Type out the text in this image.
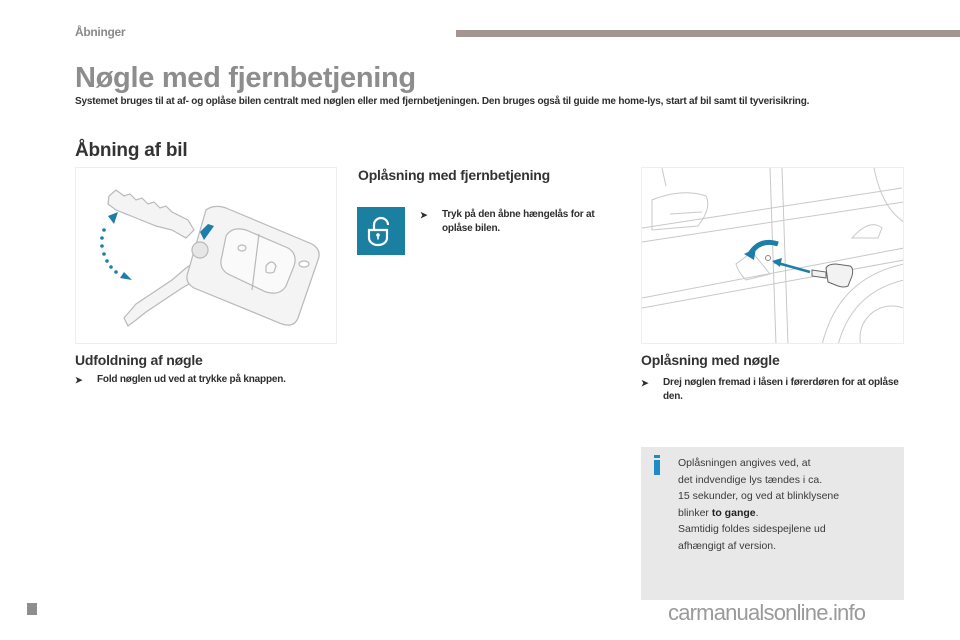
Åbninger
Nøgle med fjernbetjening

Systemet bruges til at af- og oplåse bilen centralt med nøglen eller med fjernbetjeningen. Den bruges også til guide me home-lys, start af bil samt til tyverisikring.

Åbning af bil
Oplåsning med fjernbetjening
➤	Tryk på den åbne hængelås for at oplåse bilen.
Udfoldning af nøgle
➤	Fold nøglen ud ved at trykke på knappen.
Oplåsning med nøgle
➤	Drej nøglen fremad i låsen i førerdøren for at oplåse den.
Oplåsningen angives ved, at
det indvendige lys tændes i ca.
15 sekunder, og ved at blinklysene
blinker to gange.
Samtidig foldes sidespejlene ud
afhængigt af version.
carmanualsonline.info
